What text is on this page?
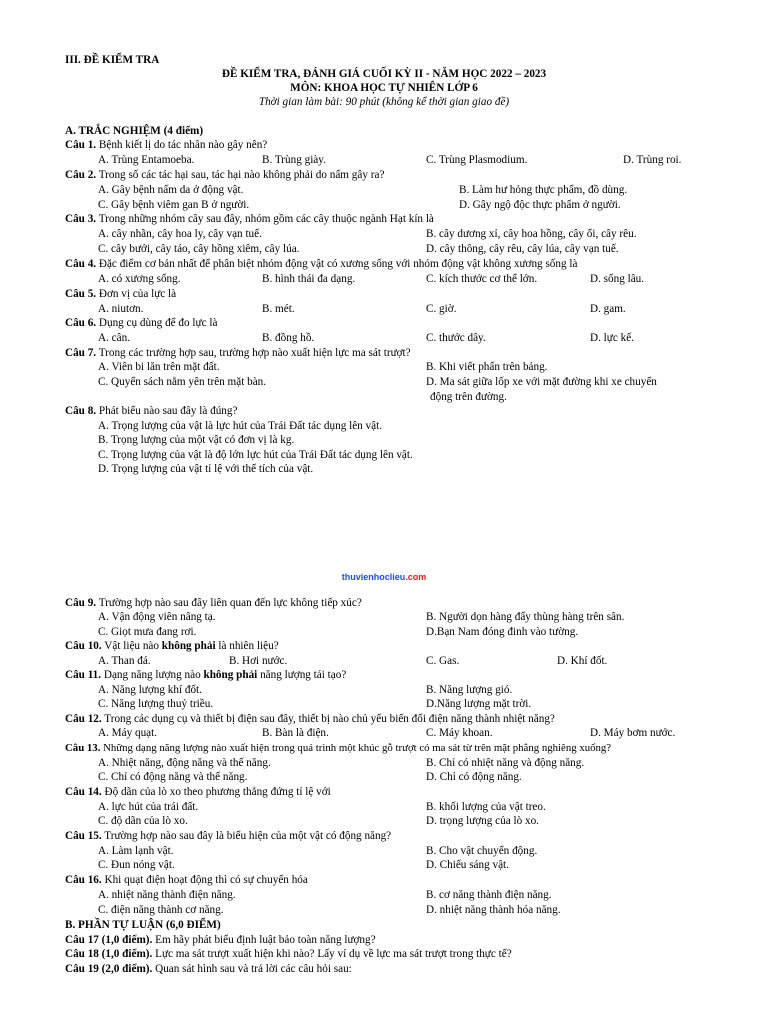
III. ĐỀ KIỂM TRA
ĐỀ KIỂM TRA, ĐÁNH GIÁ CUỐI KỲ II - NĂM HỌC 2022 – 2023
MÔN: KHOA HỌC TỰ NHIÊN LỚP 6
Thời gian làm bài: 90 phút (không kể thời gian giao đề)
A. TRẮC NGHIỆM (4 điểm)
Câu 1. Bệnh kiết lị do tác nhân nào gây nên?
A. Trùng Entamoeba.	B. Trùng giày.	C. Trùng Plasmodium.	D. Trùng roi.
Câu 2. Trong số các tác hại sau, tác hại nào không phải do nấm gây ra?
A. Gây bệnh nấm da ở động vật.	B. Làm hư hỏng thực phẩm, đồ dùng.
C. Gây bệnh viêm gan B ở người.	D. Gây ngộ độc thực phẩm ở người.
Câu 3. Trong những nhóm cây sau đây, nhóm gồm các cây thuộc ngành Hạt kín là
A. cây nhãn, cây hoa ly, cây vạn tuế.	B. cây dương xỉ, cây hoa hồng, cây ổi, cây rêu.
C. cây bưởi, cây táo, cây hồng xiêm, cây lúa.	D. cây thông, cây rêu, cây lúa, cây vạn tuế.
Câu 4. Đặc điểm cơ bản nhất để phân biệt nhóm động vật có xương sống với nhóm động vật không xương sống là
A. có xương sống.	B. hình thái đa dạng.	C. kích thước cơ thể lớn.	D. sống lâu.
Câu 5. Đơn vị của lực là
A. niutơn.	B. mét.	C. giờ.	D. gam.
Câu 6. Dụng cụ dùng để đo lực là
A. cân.	B. đồng hồ.	C. thước dây.	D. lực kế.
Câu 7. Trong các trường hợp sau, trường hợp nào xuất hiện lực ma sát trượt?
A. Viên bi lăn trên mặt đất.	B. Khi viết phấn trên bảng.
C. Quyển sách nằm yên trên mặt bàn.	D. Ma sát giữa lốp xe với mặt đường khi xe chuyển
động trên đường.
Câu 8. Phát biểu nào sau đây là đúng?
A. Trọng lượng của vật là lực hút của Trái Đất tác dụng lên vật.
B. Trọng lượng của một vật có đơn vị là kg.
C. Trọng lượng của vật là độ lớn lực hút của Trái Đất tác dụng lên vật.
D. Trọng lượng của vật tỉ lệ với thể tích của vật.
thuvienhoclieu.com
Câu 9. Trường hợp nào sau đây liên quan đến lực không tiếp xúc?
A. Vận động viên nâng tạ.	B. Người dọn hàng đẩy thùng hàng trên sân.
C. Giọt mưa đang rơi.	D.Bạn Nam đóng đinh vào tường.
Câu 10. Vật liệu nào không phải là nhiên liệu?
A. Than đá.	B. Hơi nước.	C. Gas.	D. Khí đốt.
Câu 11. Dạng năng lượng nào không phải năng lượng tái tạo?
A. Năng lượng khí đốt.	B. Năng lượng gió.
C. Năng lượng thuỷ triều.	D.Năng lượng mặt trời.
Câu 12. Trong các dụng cụ và thiết bị điện sau đây, thiết bị nào chủ yếu biến đổi điện năng thành nhiệt năng?
A. Máy quạt.	B. Bàn là điện.	C. Máy khoan.	D. Máy bơm nước.
Câu 13. Những dạng năng lượng nào xuất hiện trong quá trình một khúc gỗ trượt có ma sát từ trên mặt phẳng nghiêng xuống?
A. Nhiệt năng, động năng và thế năng.	B. Chỉ có nhiệt năng và động năng.
C. Chỉ có động năng và thế năng.	D. Chỉ có động năng.
Câu 14. Độ dãn của lò xo theo phương thẳng đứng tỉ lệ với
A. lực hút của trái đất.	B. khối lượng của vật treo.
C. độ dãn của lò xo.	D. trọng lượng của lò xo.
Câu 15. Trường hợp nào sau đây là biểu hiện của một vật có động năng?
A. Làm lạnh vật.	B. Cho vật chuyển động.
C. Đun nóng vật.	D. Chiếu sáng vật.
Câu 16. Khi quạt điện hoạt động thì có sự chuyển hóa
A. nhiệt năng thành điện năng.	B. cơ năng thành điện năng.
C. điện năng thành cơ năng.	D. nhiệt năng thành hóa năng.
B. PHẦN TỰ LUẬN (6,0 ĐIỂM)
Câu 17 (1,0 điểm). Em hãy phát biểu định luật bảo toàn năng lượng?
Câu 18 (1,0 điểm). Lực ma sát trượt xuất hiện khi nào? Lấy ví dụ về lực ma sát trượt trong thực tế?
Câu 19 (2,0 điểm). Quan sát hình sau và trả lời các câu hỏi sau:
